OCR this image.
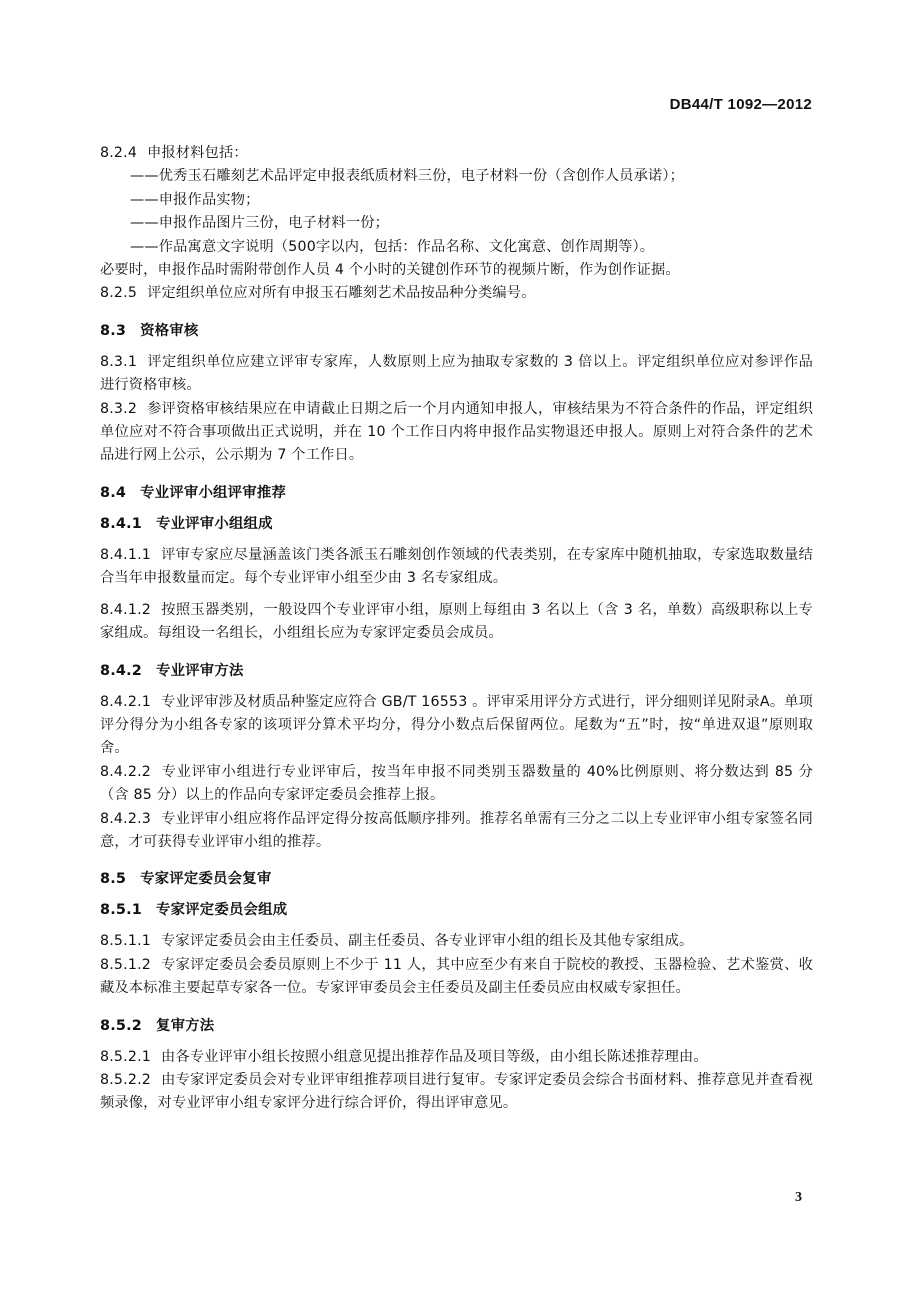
DB44/T 1092—2012

8.2.4 申报材料包括：

——优秀玉石雕刻艺术品评定申报表纸质材料三份，电子材料一份（含创作人员承诺）；

——申报作品实物；

——申报作品图片三份，电子材料一份；

——作品寓意文字说明（500字以内，包括：作品名称、文化寓意、创作周期等）。

必要时，申报作品时需附带创作人员 4 个小时的关键创作环节的视频片断，作为创作证据。

8.2.5 评定组织单位应对所有申报玉石雕刻艺术品按品种分类编号。

8.3 资格审核

8.3.1 评定组织单位应建立评审专家库，人数原则上应为抽取专家数的 3 倍以上。评定组织单位应对参评作品进行资格审核。

8.3.2 参评资格审核结果应在申请截止日期之后一个月内通知申报人，审核结果为不符合条件的作品，评定组织单位应对不符合事项做出正式说明，并在 10 个工作日内将申报作品实物退还申报人。原则上对符合条件的艺术品进行网上公示，公示期为 7 个工作日。

8.4 专业评审小组评审推荐

8.4.1 专业评审小组组成

8.4.1.1 评审专家应尽量涵盖该门类各派玉石雕刻创作领域的代表类别，在专家库中随机抽取，专家选取数量结合当年申报数量而定。每个专业评审小组至少由 3 名专家组成。

8.4.1.2 按照玉器类别，一般设四个专业评审小组，原则上每组由 3 名以上（含 3 名，单数）高级职称以上专家组成。每组设一名组长，小组组长应为专家评定委员会成员。

8.4.2 专业评审方法

8.4.2.1 专业评审涉及材质品种鉴定应符合 GB/T 16553 。评审采用评分方式进行，评分细则详见附录A。单项评分得分为小组各专家的该项评分算术平均分，得分小数点后保留两位。尾数为“五”时，按“单进双退”原则取舍。

8.4.2.2 专业评审小组进行专业评审后，按当年申报不同类别玉器数量的 40%比例原则、将分数达到 85 分（含 85 分）以上的作品向专家评定委员会推荐上报。

8.4.2.3 专业评审小组应将作品评定得分按高低顺序排列。推荐名单需有三分之二以上专业评审小组专家签名同意，才可获得专业评审小组的推荐。

8.5 专家评定委员会复审

8.5.1 专家评定委员会组成

8.5.1.1 专家评定委员会由主任委员、副主任委员、各专业评审小组的组长及其他专家组成。

8.5.1.2 专家评定委员会委员原则上不少于 11 人，其中应至少有来自于院校的教授、玉器检验、艺术鉴赏、收藏及本标准主要起草专家各一位。专家评审委员会主任委员及副主任委员应由权威专家担任。

8.5.2 复审方法

8.5.2.1 由各专业评审小组长按照小组意见提出推荐作品及项目等级，由小组长陈述推荐理由。

8.5.2.2 由专家评定委员会对专业评审组推荐项目进行复审。专家评定委员会综合书面材料、推荐意见并查看视频录像，对专业评审小组专家评分进行综合评价，得出评审意见。

3
